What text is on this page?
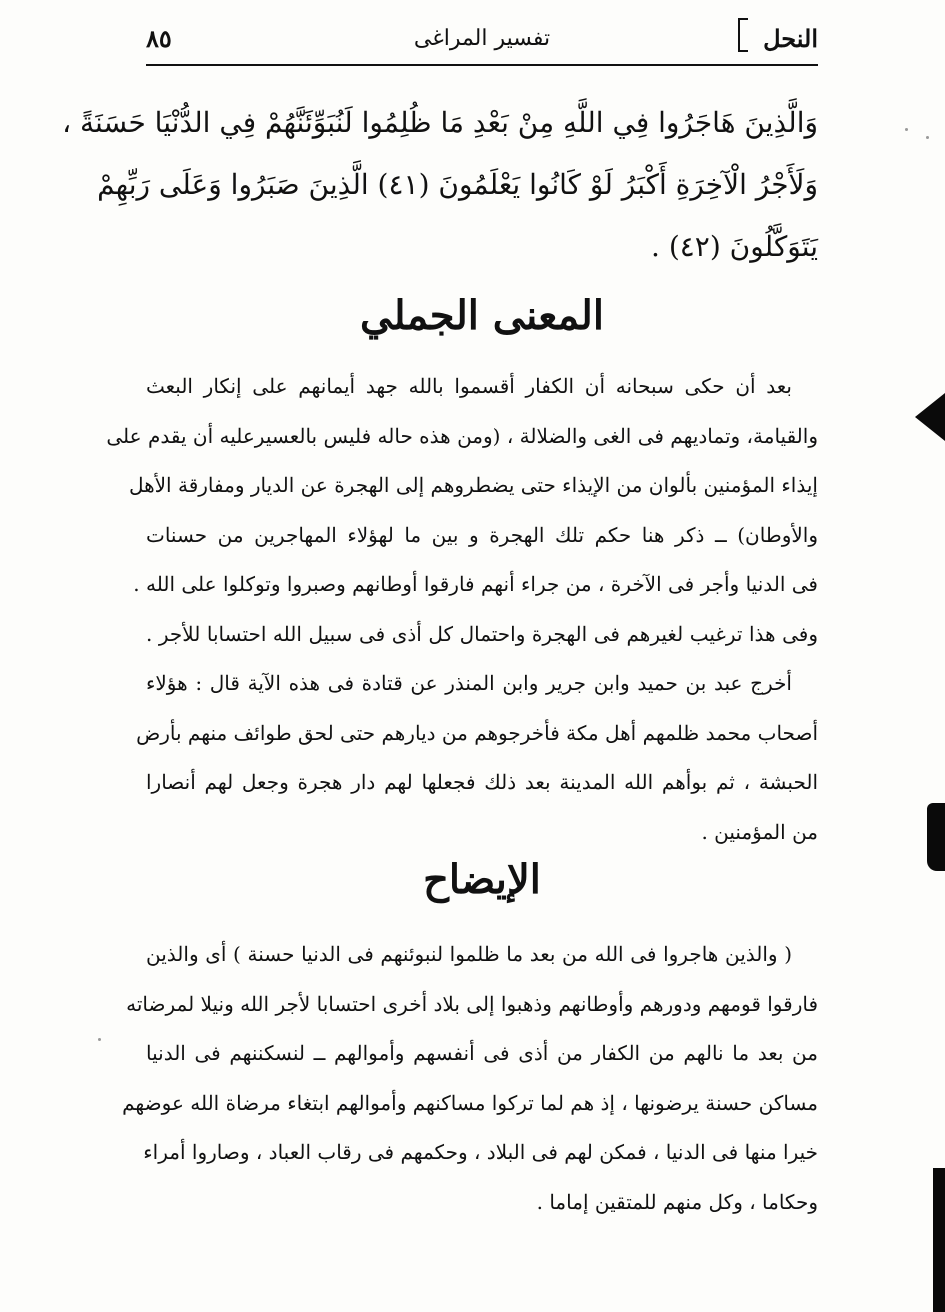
النحل
تفسير المراغى
٨٥
وَالَّذِينَ هَاجَرُوا فِي اللَّهِ مِنْ بَعْدِ مَا ظُلِمُوا لَنُبَوِّئَنَّهُمْ فِي الدُّنْيَا حَسَنَةً ،
وَلَأَجْرُ الْآخِرَةِ أَكْبَرُ لَوْ كَانُوا يَعْلَمُونَ (٤١) الَّذِينَ صَبَرُوا وَعَلَى رَبِّهِمْ
يَتَوَكَّلُونَ (٤٢) .
المعنى الجملي
بعد أن حكى سبحانه أن الكفار أقسموا بالله جهد أيمانهم على إنكار البعث
والقيامة، وتماديهم فى الغى والضلالة ، (ومن هذه حاله فليس بالعسيرعليه أن يقدم على
إيذاء المؤمنين بألوان من الإيذاء حتى يضطروهم إلى الهجرة عن الديار ومفارقة الأهل
والأوطان) ــ ذكر هنا حكم تلك الهجرة و بين ما لهؤلاء المهاجرين من حسنات
فى الدنيا وأجر فى الآخرة ، من جراء أنهم فارقوا أوطانهم وصبروا وتوكلوا على الله .
وفى هذا ترغيب لغيرهم فى الهجرة واحتمال كل أذى فى سبيل الله احتسابا للأجر .
أخرج عبد بن حميد وابن جرير وابن المنذر عن قتادة فى هذه الآية قال : هؤلاء
أصحاب محمد ظلمهم أهل مكة فأخرجوهم من ديارهم حتى لحق طوائف منهم بأرض
الحبشة ، ثم بوأهم الله المدينة بعد ذلك فجعلها لهم دار هجرة وجعل لهم أنصارا
من المؤمنين .
الإيضاح
( والذين هاجروا فى الله من بعد ما ظلموا لنبوئنهم فى الدنيا حسنة ) أى والذين
فارقوا قومهم ودورهم وأوطانهم وذهبوا إلى بلاد أخرى احتسابا لأجر الله ونيلا لمرضاته
من بعد ما نالهم من الكفار من أذى فى أنفسهم وأموالهم ــ لنسكننهم فى الدنيا
مساكن حسنة يرضونها ، إذ هم لما تركوا مساكنهم وأموالهم ابتغاء مرضاة الله عوضهم
خيرا منها فى الدنيا ، فمكن لهم فى البلاد ، وحكمهم فى رقاب العباد ، وصاروا أمراء
وحكاما ، وكل منهم للمتقين إماما .
